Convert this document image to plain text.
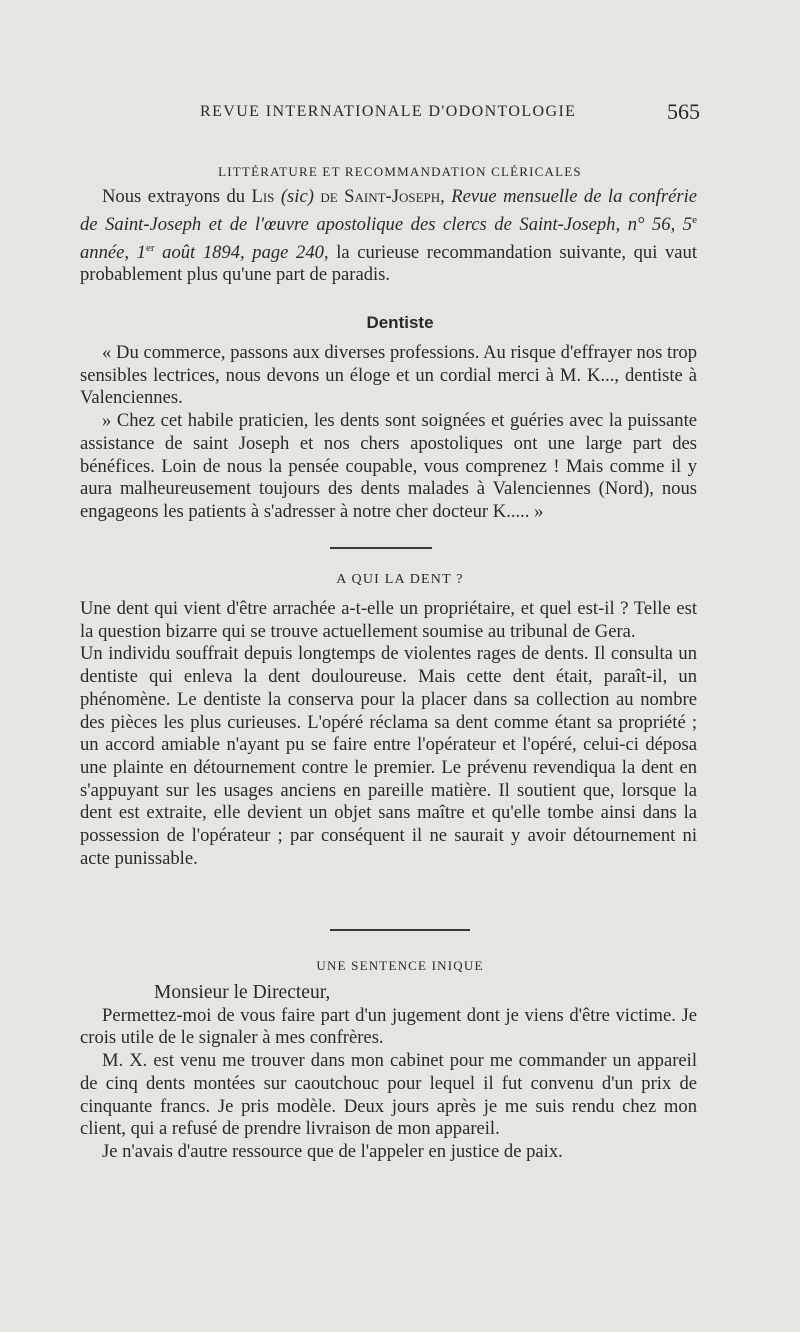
REVUE INTERNATIONALE D'ODONTOLOGIE	565
LITTÉRATURE ET RECOMMANDATION CLÉRICALES

Nous extrayons du Lis (sic) de Saint-Joseph, Revue mensuelle de la confrérie de Saint-Joseph et de l'œuvre apostolique des clercs de Saint-Joseph, n° 56, 5e année, 1er août 1894, page 240, la curieuse recommandation suivante, qui vaut probablement plus qu'une part de paradis.

Dentiste

« Du commerce, passons aux diverses professions. Au risque d'effrayer nos trop sensibles lectrices, nous devons un éloge et un cordial merci à M. K..., dentiste à Valenciennes.

» Chez cet habile praticien, les dents sont soignées et guéries avec la puissante assistance de saint Joseph et nos chers apostoliques ont une large part des bénéfices. Loin de nous la pensée coupable, vous comprenez ! Mais comme il y aura malheureusement toujours des dents malades à Valenciennes (Nord), nous engageons les patients à s'adresser à notre cher docteur K..... »

A QUI LA DENT ?

Une dent qui vient d'être arrachée a-t-elle un propriétaire, et quel est-il ? Telle est la question bizarre qui se trouve actuellement soumise au tribunal de Gera.

Un individu souffrait depuis longtemps de violentes rages de dents. Il consulta un dentiste qui enleva la dent douloureuse. Mais cette dent était, paraît-il, un phénomène. Le dentiste la conserva pour la placer dans sa collection au nombre des pièces les plus curieuses. L'opéré réclama sa dent comme étant sa propriété ; un accord amiable n'ayant pu se faire entre l'opérateur et l'opéré, celui-ci déposa une plainte en détournement contre le premier. Le prévenu revendiqua la dent en s'appuyant sur les usages anciens en pareille matière. Il soutient que, lorsque la dent est extraite, elle devient un objet sans maître et qu'elle tombe ainsi dans la possession de l'opérateur ; par conséquent il ne saurait y avoir détournement ni acte punissable.

UNE SENTENCE INIQUE

Monsieur le Directeur,

Permettez-moi de vous faire part d'un jugement dont je viens d'être victime. Je crois utile de le signaler à mes confrères.

M. X. est venu me trouver dans mon cabinet pour me commander un appareil de cinq dents montées sur caoutchouc pour lequel il fut convenu d'un prix de cinquante francs. Je pris modèle. Deux jours après je me suis rendu chez mon client, qui a refusé de prendre livraison de mon appareil.

Je n'avais d'autre ressource que de l'appeler en justice de paix.
